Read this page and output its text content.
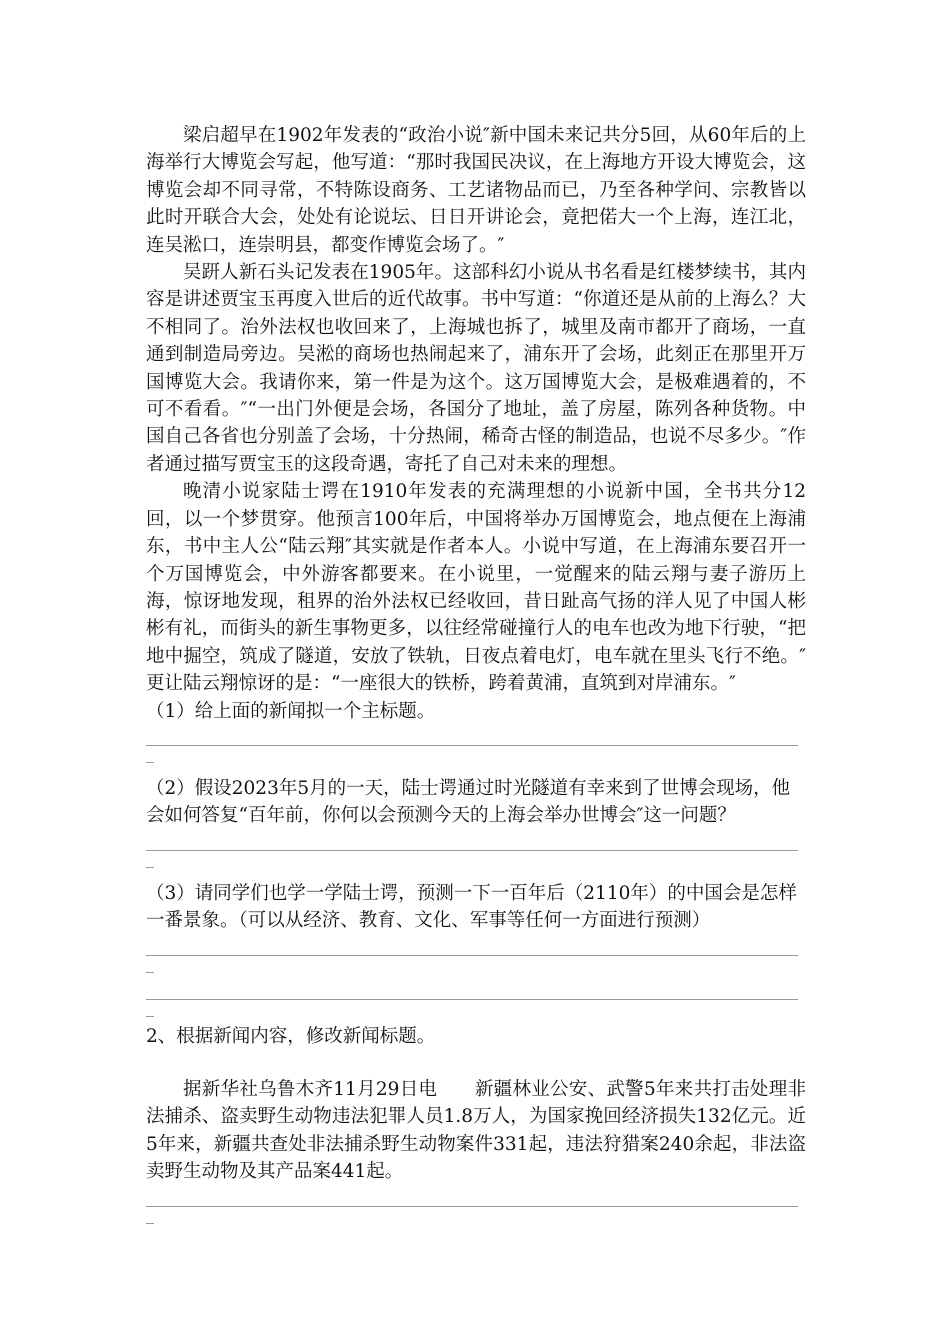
梁启超早在1902年发表的“政治小说″新中国未来记共分5回，从60年后的上海举行大博览会写起，他写道：“那时我国民决议，在上海地方开设大博览会，这博览会却不同寻常，不特陈设商务、工艺诸物品而已，乃至各种学问、宗教皆以此时开联合大会，处处有论说坛、日日开讲论会，竟把偌大一个上海，连江北，连吴淞口，连崇明县，都变作博览会场了。″

吴趼人新石头记发表在1905年。这部科幻小说从书名看是红楼梦续书，其内容是讲述贾宝玉再度入世后的近代故事。书中写道：“你道还是从前的上海么？大不相同了。治外法权也收回来了，上海城也拆了，城里及南市都开了商场，一直通到制造局旁边。吴淞的商场也热闹起来了，浦东开了会场，此刻正在那里开万国博览大会。我请你来，第一件是为这个。这万国博览大会，是极难遇着的，不可不看看。″“一出门外便是会场，各国分了地址，盖了房屋，陈列各种货物。中国自己各省也分别盖了会场，十分热闹，稀奇古怪的制造品，也说不尽多少。″作者通过描写贾宝玉的这段奇遇，寄托了自己对未来的理想。

晚清小说家陆士谔在1910年发表的充满理想的小说新中国，全书共分12回，以一个梦贯穿。他预言100年后，中国将举办万国博览会，地点便在上海浦东，书中主人公“陆云翔″其实就是作者本人。小说中写道，在上海浦东要召开一个万国博览会，中外游客都要来。在小说里，一觉醒来的陆云翔与妻子游历上海，惊讶地发现，租界的治外法权已经收回，昔日趾高气扬的洋人见了中国人彬彬有礼，而街头的新生事物更多，以往经常碰撞行人的电车也改为地下行驶，“把地中掘空，筑成了隧道，安放了铁轨，日夜点着电灯，电车就在里头飞行不绝。″更让陆云翔惊讶的是：“一座很大的铁桥，跨着黄浦，直筑到对岸浦东。″

（1）给上面的新闻拟一个主标题。

（2）假设2023年5月的一天，陆士谔通过时光隧道有幸来到了世博会现场，他会如何答复“百年前，你何以会预测今天的上海会举办世博会″这一问题？

（3）请同学们也学一学陆士谔，预测一下一百年后（2110年）的中国会是怎样一番景象。（可以从经济、教育、文化、军事等任何一方面进行预测）

2、根据新闻内容，修改新闻标题。

据新华社乌鲁木齐11月29日电　　新疆林业公安、武警5年来共打击处理非法捕杀、盗卖野生动物违法犯罪人员1.8万人，为国家挽回经济损失132亿元。近5年来，新疆共查处非法捕杀野生动物案件331起，违法狩猎案240余起，非法盗卖野生动物及其产品案441起。
